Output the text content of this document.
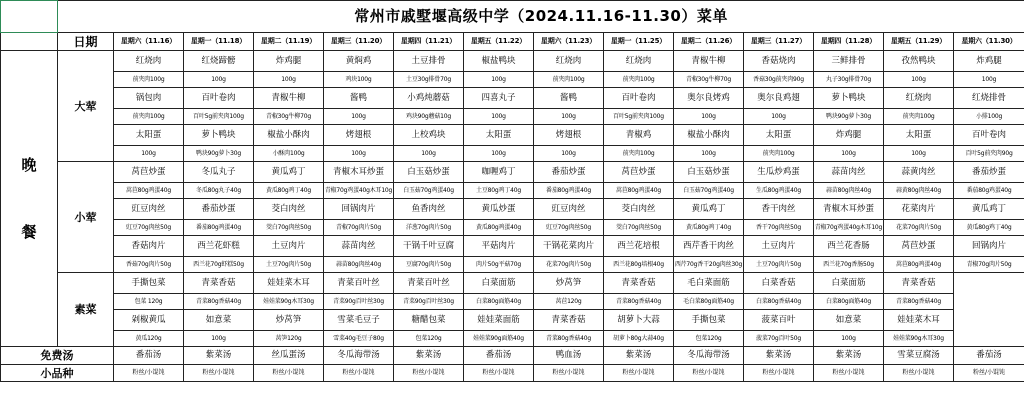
	常州市戚墅堰高级中学（2024.11.16-11.30）菜单													
	日期	星期六（11.16）	星期一（11.18）	星期二（11.19）	星期三（11.20）	星期四（11.21）	星期五（11.22）	星期六（11.23）	星期一（11.25）	星期二（11.26）	星期三（11.27）	星期四（11.28）	星期五（11.29）	星期六（11.30）

晚
餐	大荤	红烧肉	红烧蹄髈	炸鸡腿	黄焖鸡	土豆排骨	椒盐鸭块	红烧肉	红烧肉	青椒牛柳	香菇烧肉	三鲜排骨	孜然鸭块	炸鸡腿
		前夹肉100g	100g	100g	鸡块100g	土豆30g排骨70g	100g	前夹肉100g	前夹肉100g	青椒30g牛柳70g	香菇30g前夹肉90g	丸子30g排骨70g	100g	100g
		锅包肉	百叶卷肉	青椒牛柳	酱鸭	小鸡炖蘑菇	四喜丸子	酱鸭	百叶卷肉	奥尔良烤鸡	奥尔良鸡翅	萝卜鸭块	红烧肉	红烧排骨
		前夹肉100g	百叶5g前夹肉100g	青椒30g牛柳70g	100g	鸡块90g蘑菇10g	100g	100g	百叶5g前夹肉100g	100g	100g	鸭块90g萝卜30g	前夹肉100g	小排100g
		太阳蛋	萝卜鸭块	椒盐小酥肉	烤翅根	上校鸡块	太阳蛋	烤翅根	青椒鸡	椒盐小酥肉	太阳蛋	炸鸡腿	太阳蛋	百叶卷肉
		100g	鸭块90g萝卜30g	小酥肉100g	100g	100g	100g	100g	前夹肉100g	100g	前夹肉100g	100g	100g	百叶5g前夹肉90g
	小荤	莴苣炒蛋	冬瓜丸子	黄瓜鸡丁	青椒木耳炒蛋	白玉菇炒蛋	咖喱鸡丁	番茄炒蛋	莴苣炒蛋	白玉菇炒蛋	生瓜炒鸡蛋	蒜苗肉丝	蒜黄肉丝	番茄炒蛋
		莴苣80g鸡蛋40g	冬瓜80g丸子40g	黄瓜80g鸡丁40g	青椒70g鸡蛋40g木耳10g	白玉菇70g鸡蛋40g	土豆80g鸡丁40g	番茄80g鸡蛋40g	莴苣80g鸡蛋40g	白玉菇70g鸡蛋40g	生瓜80g鸡蛋40g	蒜苗80g肉丝40g	蒜黄80g肉丝40g	番茄80g鸡蛋40g
		豇豆肉丝	番茄炒蛋	茭白肉丝	回锅肉片	鱼香肉丝	黄瓜炒蛋	豇豆肉丝	茭白肉丝	黄瓜鸡丁	香干肉丝	青椒木耳炒蛋	花菜肉片	黄瓜鸡丁
		豇豆70g肉丝50g	番茄80g鸡蛋40g	茭白70g肉丝50g	青椒70g肉片50g	洋葱70g肉片50g	黄瓜80g鸡蛋40g	豇豆70g肉丝50g	茭白70g肉丝50g	黄瓜80g鸡丁40g	香干70g肉丝50g	青椒70g鸡蛋40g木耳10g	花菜70g肉片50g	黄瓜80g鸡丁40g
		香菇肉片	西兰花虾糕	土豆肉片	蒜苗肉丝	干锅千叶豆腐	平菇肉片	干锅花菜肉片	西兰花培根	西芹香干肉丝	土豆肉片	西兰花香肠	莴苣炒蛋	回锅肉片
		香菇70g肉片50g	西兰花70g虾糕50g	土豆70g肉片50g	蒜苗80g肉丝40g	豆腐70g肉片50g	肉片50g平菇70g	花菜70g肉片50g	西兰花80g培根40g	西芹70g香干20g肉丝30g	土豆70g肉片50g	西兰花70g香肠50g	莴苣80g鸡蛋40g	青椒70g肉片50g
	素菜	手撕包菜	青菜香菇	娃娃菜木耳	青菜百叶丝	青菜百叶丝	白菜面筋	炒莴笋	青菜香菇	毛白菜面筋	白菜香菇	白菜面筋	青菜香菇	
		包菜 120g	青菜80g香菇40g	娃娃菜90g木耳30g	青菜90g百叶丝30g	青菜90g百叶丝30g	白菜80g面筋40g	莴苣120g	青菜80g香菇40g	毛白菜80g面筋40g	白菜80g香菇40g	白菜80g面筋40g	青菜80g香菇40g	
		剁椒黄瓜	如意菜	炒莴笋	雪菜毛豆子	糖醋包菜	娃娃菜面筋	青菜香菇	胡萝卜大蒜	手撕包菜	菠菜百叶	如意菜	娃娃菜木耳	
		黄瓜120g	100g	莴笋120g	雪菜40g毛豆子80g	包菜120g	娃娃菜90g面筋40g	青菜80g香菇40g	胡萝卜80g大蒜40g	包菜120g	菠菜70g百叶50g	100g	娃娃菜90g木耳30g	
免费汤		番茄汤	紫菜汤	丝瓜蛋汤	冬瓜海带汤	紫菜汤	番茄汤	鸭血汤	紫菜汤	冬瓜海带汤	紫菜汤	紫菜汤	雪菜豆腐汤	番茄汤
小品种		粉丝/小馄饨	粉丝/小馄饨	粉丝/小馄饨	粉丝/小馄饨	粉丝/小馄饨	粉丝/小馄饨	粉丝/小馄饨	粉丝/小馄饨	粉丝/小馄饨	粉丝/小馄饨	粉丝/小馄饨	粉丝/小馄饨	粉丝/小馄饨
